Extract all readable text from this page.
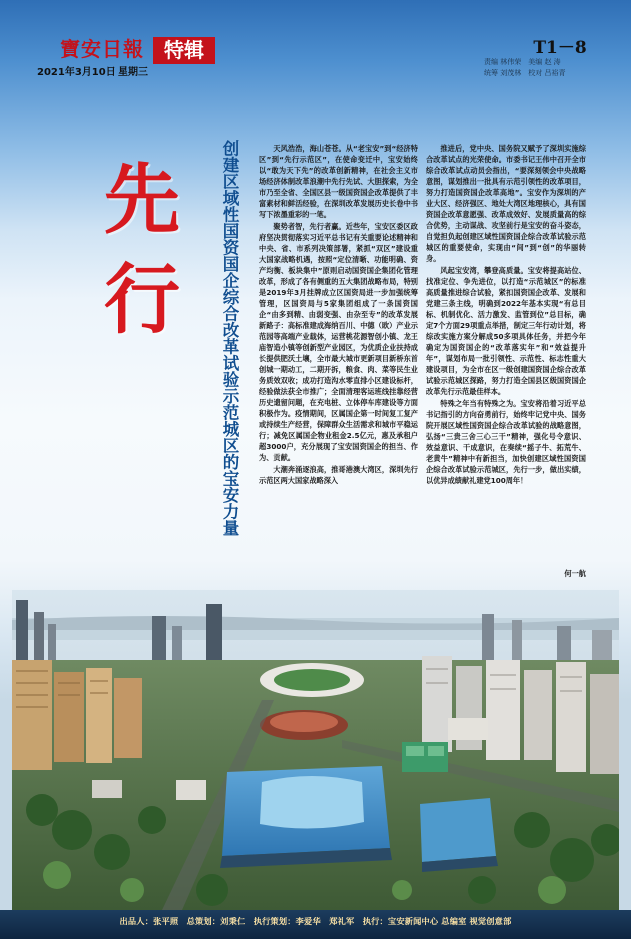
寶安日報	特辑
2021年3月10日 星期三
T1－8
责编 林伟荣　美编 赵 涛
统筹 刘茂林　校对 吕裕青
先
行	创建区域性国资国企综合改革试验示范城区的宝安力量	天风浩浩，海山苍苍。从“老宝安”到“经济特区”到“先行示范区”，在使命变迁中，宝安始终以“敢为天下先”的改革创新精神，在社会主义市场经济体制改革浪潮中先行先试、大胆探索，为全市乃至全省、全国区县一级国资国企改革提供了丰富素材和鲜活经验，在深圳改革发展历史长卷中书写下浓墨重彩的一笔。

聚势者智，先行者赢。近些年，宝安区委区政府坚决贯彻落实习近平总书记有关重要论述精神和中央、省、市系列决策部署，紧抓“双区”建设重大国家战略机遇，按照“定位清晰、功能明确、资产均衡、板块集中”原则启动国资国企集团化管理改革，形成了各有侧重的五大集团战略布局，特别是2019年3月挂牌成立区国资局进一步加强统筹管理，区国资局与5家集团组成了一条国资国企“由多到精、由弱变强、由杂至专”的改革发展新路子：高标准建成海纳百川、中德（欧）产业示范园等高端产业载体，运营桃花源智创小镇、龙王庙智造小镇等创新型产业园区，为优质企业扶持成长提供肥沃土壤，全市最大城市更新项目新桥东首创城一期动工，二期开拆，粮食、肉、菜等民生业务质效双收；成功打造沟水零直排小区建设标杆，经验做法获全市推广；全面清理客运班线挂靠经营历史遗留问题，在充电桩、立体停车库建设等方面积极作为。疫情期间，区属国企第一时间复工复产或持续生产经营，保障群众生活需求和城市平稳运行；减免区属国企物业租金2.5亿元，惠及承租户超3000户，充分展现了宝安国资国企的担当、作为、贡献。

大潮奔涌逐浪高，推哥港澳大湾区，深圳先行示范区两大国家战略深入

推进后，党中央、国务院又赋予了深圳实施综合改革试点的光荣使命。市委书记王伟中召开全市综合改革试点动员会指出，“要深刻领会中央战略意图，谋划推出一批具有示范引领性的改革项目，努力打造国资国企改革高地”。宝安作为深圳的产业大区、经济强区、地处大湾区地理核心，具有国资国企改革意愿强、改革成效好、发展质量高的综合优势，主动谋战、攻坚前行是宝安的奋斗姿态，自觉担负起创建区域性国资国企综合改革试验示范城区的重要使命，实现由“间”到“创”的华丽转身。

风起宝安湾，攀登高质量。宝安将提高站位、找准定位、争先进位，以打造“示范城区”的标准高质量推进综合试验，紧扣国资国企改革、发展和党建三条主线，明确到2022年基本实现“有总目标、机制优化、活力激发、监管到位”总目标，确定7个方面29项重点举措，制定三年行动计划，将综改实施方案分解成50多项具体任务，并把今年确定为国资国企的“改革落实年”和“效益提升年”，谋划布局一批引领性、示范性、标志性重大建设项目，为全市在区一级创建国资国企综合改革试验示范城区探路，努力打造全国县区级国资国企改革先行示范最佳样本。

特殊之年当有特殊之为。宝安将沿着习近平总书记指引的方向奋勇前行，始终牢记党中央、国务院开展区域性国资国企综合改革试验的战略意图，弘扬“三贵三舍三心三干”精神，强化号令意识、效益意识、干成意识，在奏续“摇子牛、拓荒牛、老黄牛”精神中有新担当，加快创建区域性国资国企综合改革试验示范城区，先行一步，做出实绩，以优异成绩献礼建党100周年！

何一航
出品人：张平照　总策划：刘秉仁　执行策划：李爱华　郑礼军　执行：宝安新闻中心 总编室 视觉创意部
